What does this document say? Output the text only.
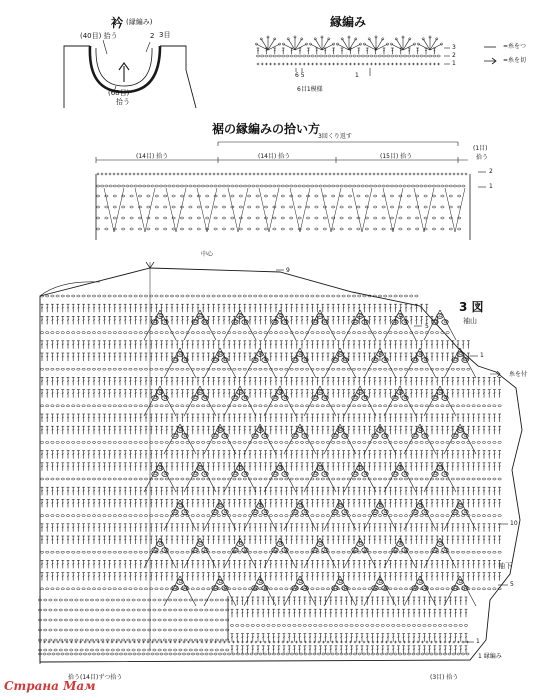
衿 (縁編み)
(40目) 拾う	2 3目
(68目)
拾う
縁編み
3
2
1
=糸をつ
=糸を切
6 5	1
6目1模様
裾の縁編みの拾い方
3回くり返す
(14目) 拾う	(14目) 拾う	(15目) 拾う
(1目)
拾う
2
1
中心
9
3 図
袖山
5
1
糸を付
10
袖下
5
1
1 縁編み
拾う(14目)ずつ拾う	(3目) 拾う
Страна Мам
